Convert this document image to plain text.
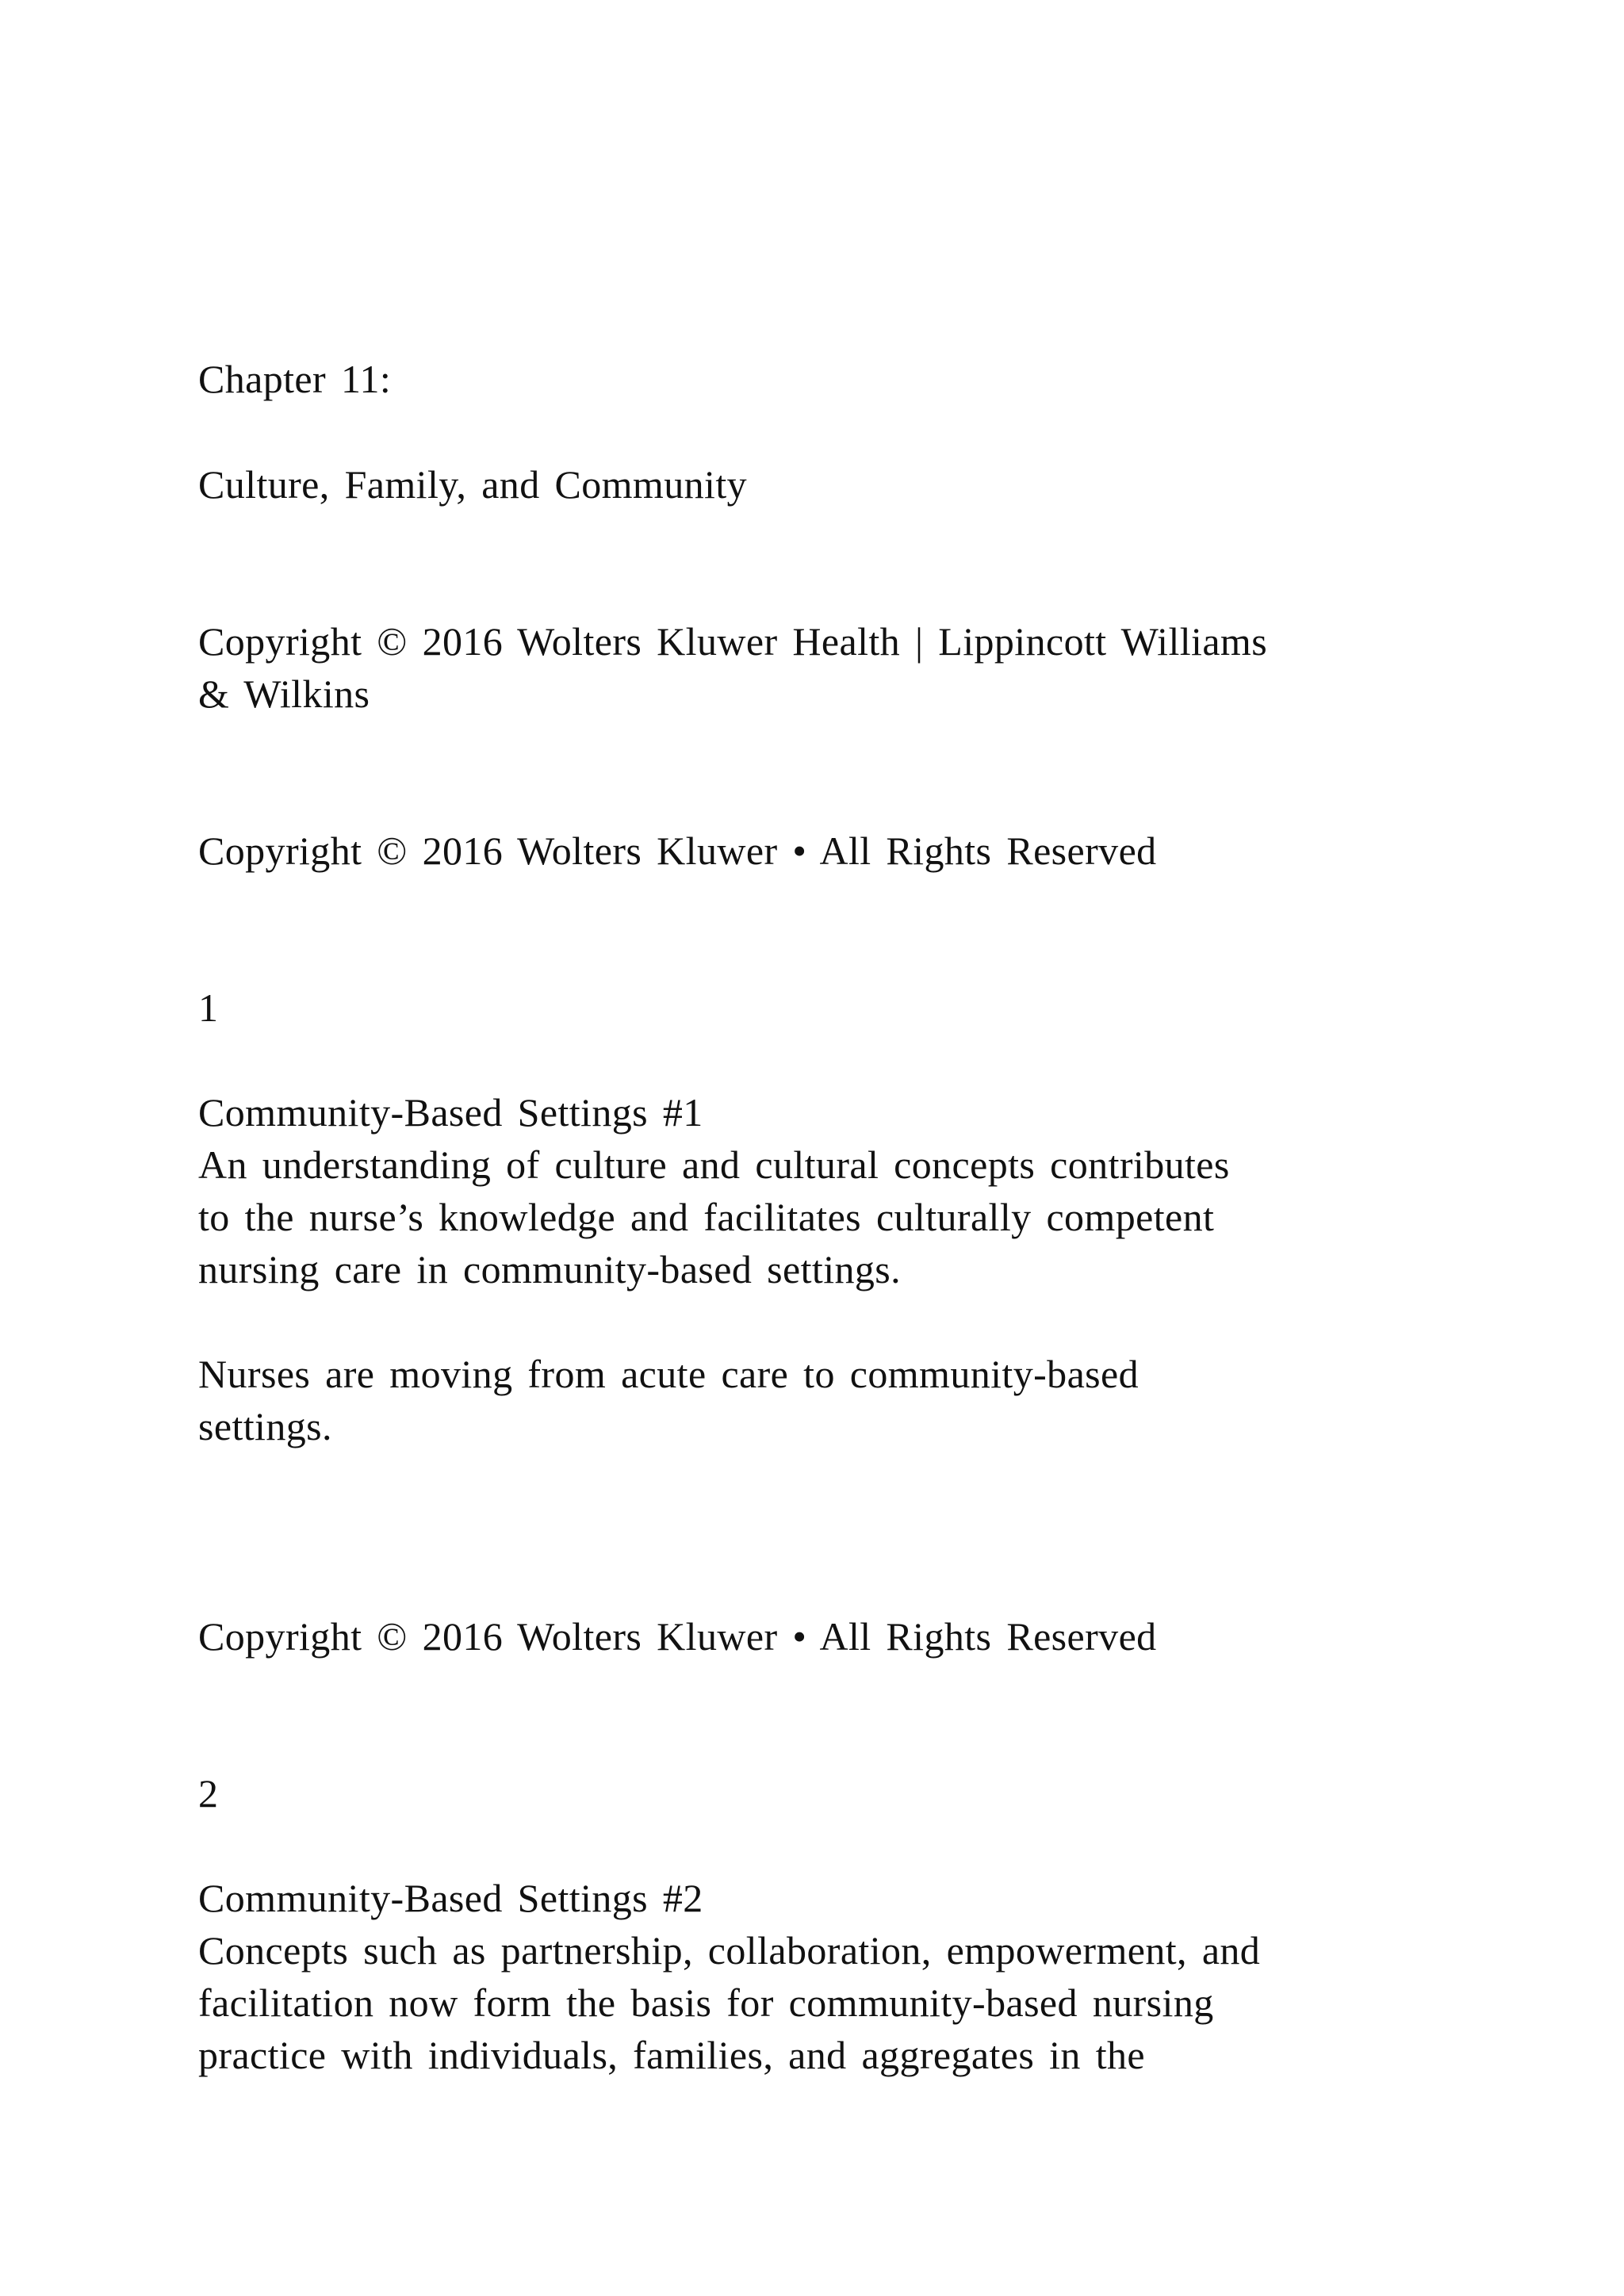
Chapter 11:

Culture, Family, and Community

Copyright © 2016 Wolters Kluwer Health | Lippincott Williams

& Wilkins

Copyright © 2016 Wolters Kluwer • All Rights Reserved

1

Community-Based Settings #1

An understanding of culture and cultural concepts contributes

to the nurse’s knowledge and facilitates culturally competent

nursing care in community-based settings.

Nurses are moving from acute care to community-based

settings.

Copyright © 2016 Wolters Kluwer • All Rights Reserved

2

Community-Based Settings #2

Concepts such as partnership, collaboration, empowerment, and

facilitation now form the basis for community-based nursing

practice with individuals, families, and aggregates in the
